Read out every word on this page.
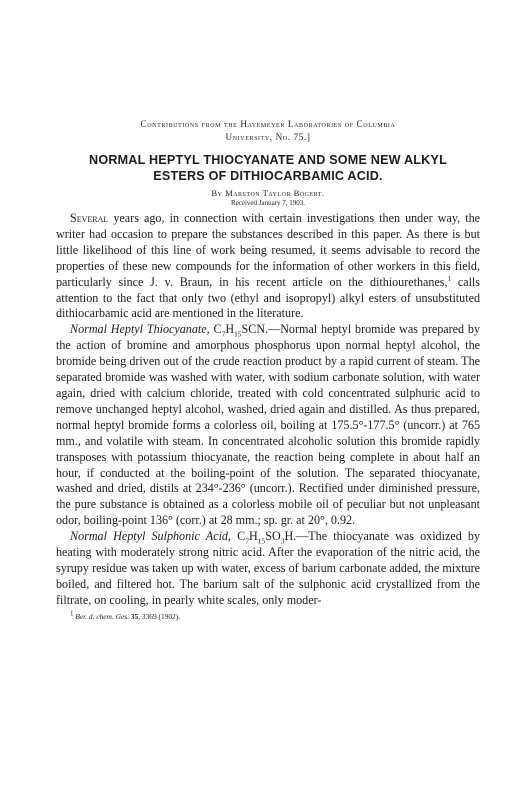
Contributions from the Havemeyer Laboratories of Columbia
University, No. 75.]
NORMAL HEPTYL THIOCYANATE AND SOME NEW ALKYL
ESTERS OF DITHIOCARBAMIC ACID.
By Marston Taylor Bogert.
Received January 7, 1903.

Several years ago, in connection with certain investigations then under way, the writer had occasion to prepare the substances described in this paper. As there is but little likelihood of this line of work being resumed, it seems advisable to record the properties of these new compounds for the information of other workers in this field, particularly since J. v. Braun, in his recent article on the dithiourethanes,$^1$ calls attention to the fact that only two (ethyl and isopropyl) alkyl esters of unsubstituted dithiocarbamic acid are mentioned in the literature.

Normal Heptyl Thiocyanate, $C_7H_{15}SCN.—Normal$ heptyl bromide was prepared by the action of bromine and amorphous phosphorus upon normal heptyl alcohol, the bromide being driven out of the crude reaction product by a rapid current of steam. The separated bromide was washed with water, with sodium carbonate solution, with water again, dried with calcium chloride, treated with cold concentrated sulphuric acid to remove unchanged heptyl alcohol, washed, dried again and distilled. As thus prepared, normal heptyl bromide forms a colorless oil, boiling at 175.5°-177.5° (uncorr.) at 765 mm., and volatile with steam. In concentrated alcoholic solution this bromide rapidly transposes with potassium thiocyanate, the reaction being complete in about half an hour, if conducted at the boiling-point of the solution. The separated thiocyanate, washed and dried, distils at 234°-236° (uncorr.). Rectified under diminished pressure, the pure substance is obtained as a colorless mobile oil of peculiar but not unpleasant odor, boiling-point 136° (corr.) at 28 mm.; sp. gr. at 20°, 0.92.

Normal Heptyl Sulphonic Acid, $C_7H_{15}SO_3H.—The$ thiocyanate was oxidized by heating with moderately strong nitric acid. After the evaporation of the nitric acid, the syrupy residue was taken up with water, excess of barium carbonate added, the mixture boiled, and filtered hot. The barium salt of the sulphonic acid crystallized from the filtrate, on cooling, in pearly white scales, only moder-

$^1$ Ber. d. chem. Ges. 35, 3369 (1902).
